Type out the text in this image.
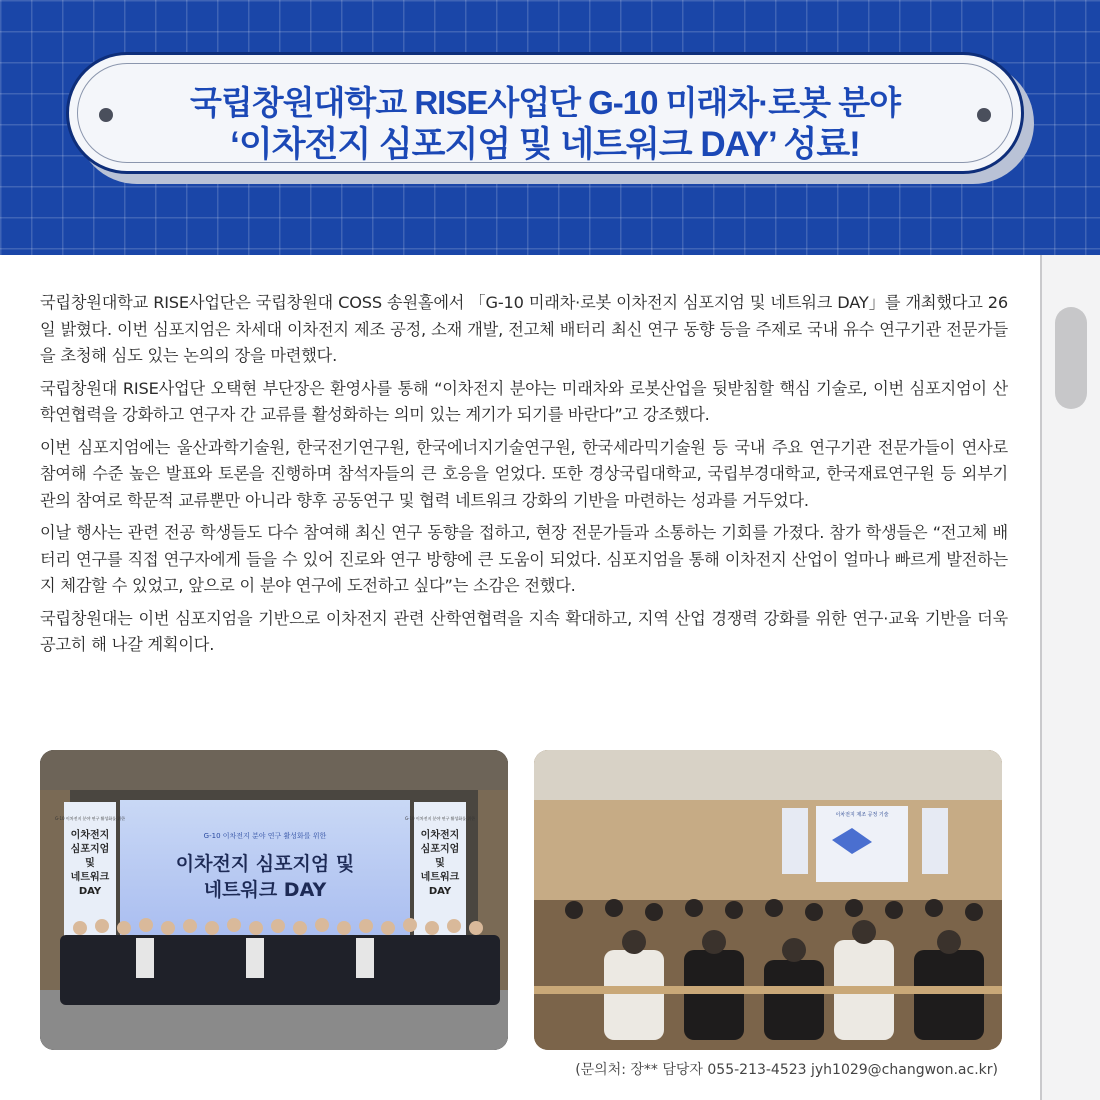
국립창원대학교 RISE사업단 G-10 미래차·로봇 분야
‘이차전지 심포지엄 및 네트워크 DAY’ 성료!

국립창원대학교 RISE사업단은 국립창원대 COSS 송원홀에서 「G-10 미래차·로봇 이차전지 심포지엄 및 네트워크 DAY」를 개최했다고 26일 밝혔다. 이번 심포지엄은 차세대 이차전지 제조 공정, 소재 개발, 전고체 배터리 최신 연구 동향 등을 주제로 국내 유수 연구기관 전문가들을 초청해 심도 있는 논의의 장을 마련했다.

국립창원대 RISE사업단 오택현 부단장은 환영사를 통해 “이차전지 분야는 미래차와 로봇산업을 뒷받침할 핵심 기술로, 이번 심포지엄이 산학연협력을 강화하고 연구자 간 교류를 활성화하는 의미 있는 계기가 되기를 바란다”고 강조했다.

이번 심포지엄에는 울산과학기술원, 한국전기연구원, 한국에너지기술연구원, 한국세라믹기술원 등 국내 주요 연구기관 전문가들이 연사로 참여해 수준 높은 발표와 토론을 진행하며 참석자들의 큰 호응을 얻었다. 또한 경상국립대학교, 국립부경대학교, 한국재료연구원 등 외부기관의 참여로 학문적 교류뿐만 아니라 향후 공동연구 및 협력 네트워크 강화의 기반을 마련하는 성과를 거두었다.

이날 행사는 관련 전공 학생들도 다수 참여해 최신 연구 동향을 접하고, 현장 전문가들과 소통하는 기회를 가졌다. 참가 학생들은 “전고체 배터리 연구를 직접 연구자에게 들을 수 있어 진로와 연구 방향에 큰 도움이 되었다. 심포지엄을 통해 이차전지 산업이 얼마나 빠르게 발전하는지 체감할 수 있었고, 앞으로 이 분야 연구에 도전하고 싶다”는 소감은 전했다.

국립창원대는 이번 심포지엄을 기반으로 이차전지 관련 산학연협력을 지속 확대하고, 지역 산업 경쟁력 강화를 위한 연구·교육 기반을 더욱 공고히 해 나갈 계획이다.

G-10 이차전지 분야 연구 활성화를 위한
이차전지 심포지엄 및
네트워크 DAY
G-10 이차전지 분야 연구 활성화를 위한
이차전지
심포지엄
및
네트워크
DAY
G-10 이차전지 분야 연구 활성화를 위한
이차전지
심포지엄
및
네트워크
DAY
이차전지 제조 공정 기술
(문의처: 장** 담당자 055-213-4523 jyh1029@changwon.ac.kr)
